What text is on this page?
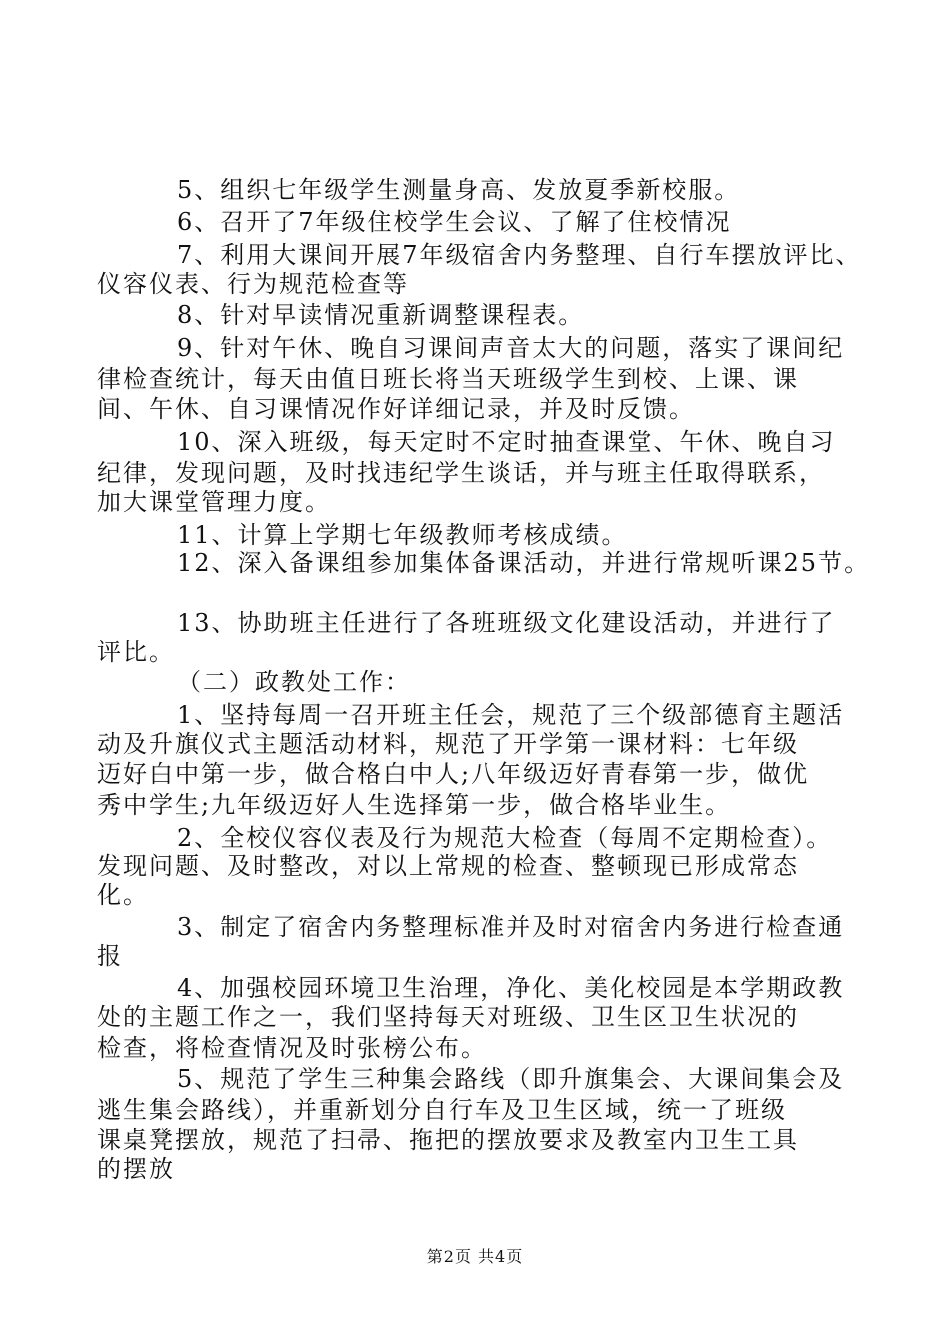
5、组织七年级学生测量身高、发放夏季新校服。
6、召开了7年级住校学生会议、了解了住校情况
7、利用大课间开展7年级宿舍内务整理、自行车摆放评比、
仪容仪表、行为规范检查等
8、针对早读情况重新调整课程表。
9、针对午休、晚自习课间声音太大的问题，落实了课间纪
律检查统计，每天由值日班长将当天班级学生到校、上课、课
间、午休、自习课情况作好详细记录，并及时反馈。
10、深入班级，每天定时不定时抽查课堂、午休、晚自习
纪律，发现问题，及时找违纪学生谈话，并与班主任取得联系，
加大课堂管理力度。
11、计算上学期七年级教师考核成绩。
12、深入备课组参加集体备课活动，并进行常规听课25节。
13、协助班主任进行了各班班级文化建设活动，并进行了
评比。
（二）政教处工作：
1、坚持每周一召开班主任会，规范了三个级部德育主题活
动及升旗仪式主题活动材料，规范了开学第一课材料：七年级
迈好白中第一步，做合格白中人;八年级迈好青春第一步，做优
秀中学生;九年级迈好人生选择第一步，做合格毕业生。
2、全校仪容仪表及行为规范大检查（每周不定期检查）。
发现问题、及时整改，对以上常规的检查、整顿现已形成常态
化。
3、制定了宿舍内务整理标准并及时对宿舍内务进行检查通
报
4、加强校园环境卫生治理，净化、美化校园是本学期政教
处的主题工作之一，我们坚持每天对班级、卫生区卫生状况的
检查，将检查情况及时张榜公布。
5、规范了学生三种集会路线（即升旗集会、大课间集会及
逃生集会路线），并重新划分自行车及卫生区域，统一了班级
课桌凳摆放，规范了扫帚、拖把的摆放要求及教室内卫生工具
的摆放
第2页 共4页
